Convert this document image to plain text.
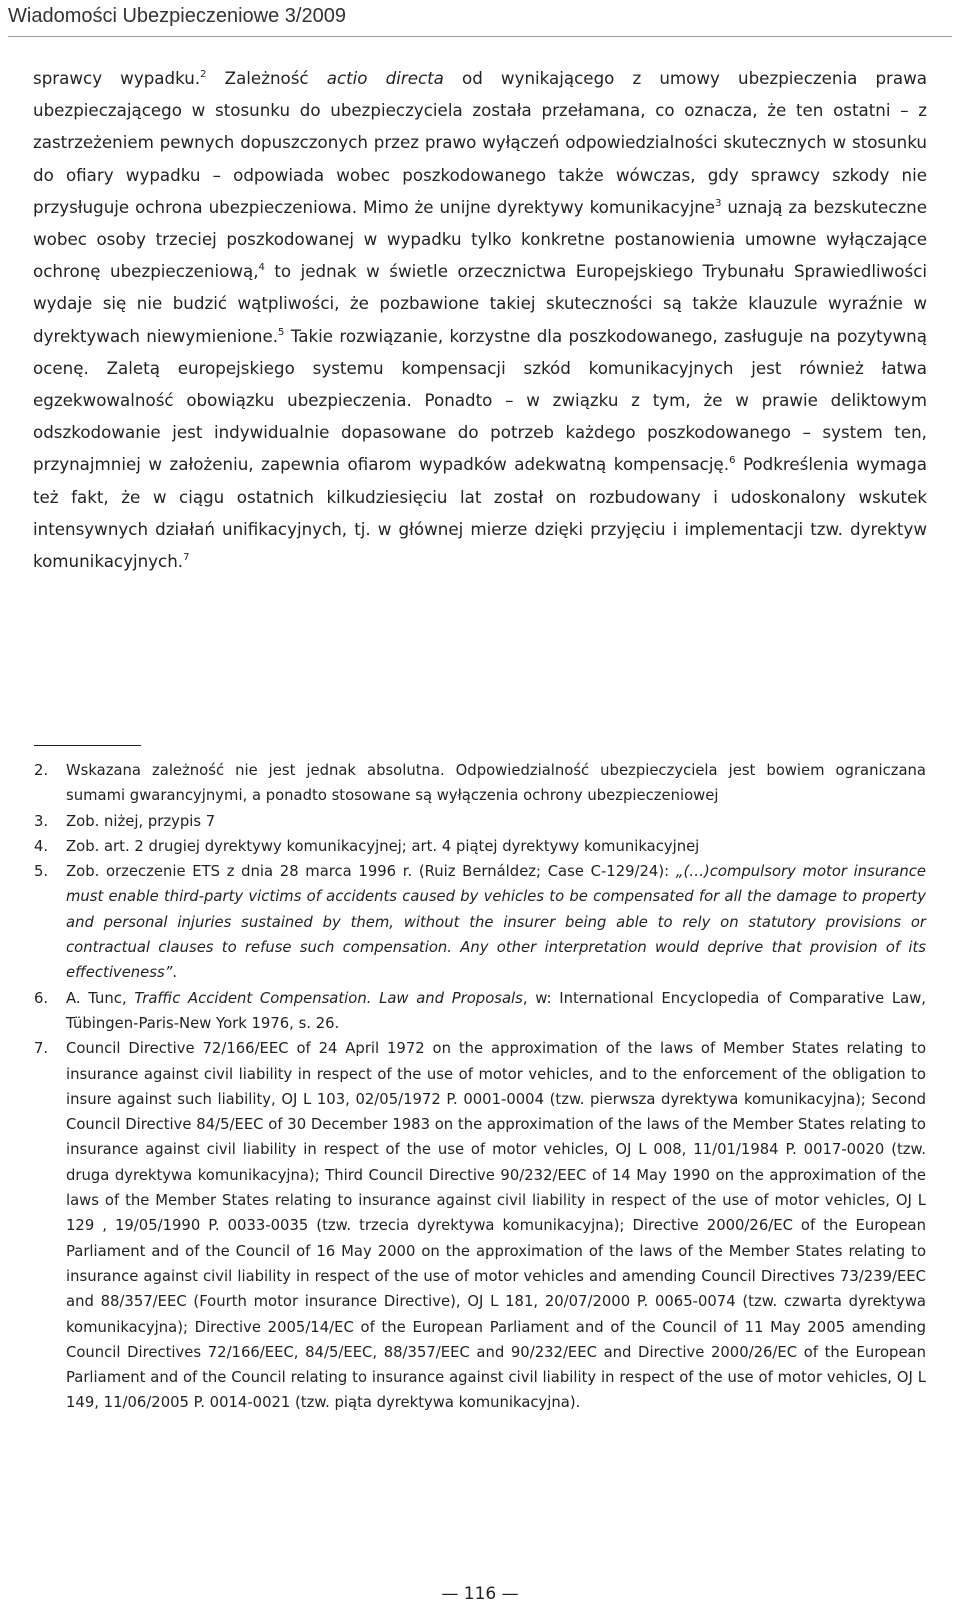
Wiadomości Ubezpieczeniowe 3/2009

sprawcy wypadku.$^2$ Zależność actio directa od wynikającego z umowy ubezpieczenia prawa ubezpieczającego w stosunku do ubezpieczyciela została przełamana, co oznacza, że ten ostatni – z zastrzeżeniem pewnych dopuszczonych przez prawo wyłączeń odpowiedzialności skutecznych w stosunku do ofiary wypadku – odpowiada wobec poszkodowanego także wówczas, gdy sprawcy szkody nie przysługuje ochrona ubezpieczeniowa. Mimo że unijne dyrektywy komunikacyjne$^3$ uznają za bezskuteczne wobec osoby trzeciej poszkodowanej w wypadku tylko konkretne postanowienia umowne wyłączające ochronę ubezpieczeniową,$^4$ to jednak w świetle orzecznictwa Europejskiego Trybunału Sprawiedliwości wydaje się nie budzić wątpliwości, że pozbawione takiej skuteczności są także klauzule wyraźnie w dyrektywach niewymienione.$^5$ Takie rozwiązanie, korzystne dla poszkodowanego, zasługuje na pozytywną ocenę. Zaletą europejskiego systemu kompensacji szkód komunikacyjnych jest również łatwa egzekwowalność obowiązku ubezpieczenia. Ponadto – w związku z tym, że w prawie deliktowym odszkodowanie jest indywidualnie dopasowane do potrzeb każdego poszkodowanego – system ten, przynajmniej w założeniu, zapewnia ofiarom wypadków adekwatną kompensację.$^6$ Podkreślenia wymaga też fakt, że w ciągu ostatnich kilkudziesięciu lat został on rozbudowany i udoskonalony wskutek intensywnych działań unifikacyjnych, tj. w głównej mierze dzięki przyjęciu i implementacji tzw. dyrektyw komunikacyjnych.$^7$

2.	Wskazana zależność nie jest jednak absolutna. Odpowiedzialność ubezpieczyciela jest bowiem ograniczana sumami gwarancyjnymi, a ponadto stosowane są wyłączenia ochrony ubezpieczeniowej
3.	Zob. niżej, przypis 7
4.	Zob. art. 2 drugiej dyrektywy komunikacyjnej; art. 4 piątej dyrektywy komunikacyjnej
5.	Zob. orzeczenie ETS z dnia 28 marca 1996 r. (Ruiz Bernáldez; Case C-129/24): „(…)compulsory motor insurance must enable third-party victims of accidents caused by vehicles to be compensated for all the damage to property and personal injuries sustained by them, without the insurer being able to rely on statutory provisions or contractual clauses to refuse such compensation. Any other interpretation would deprive that provision of its effectiveness”.
6.	A. Tunc, Traffic Accident Compensation. Law and Proposals, w: International Encyclopedia of Comparative Law, Tübingen-Paris-New York 1976, s. 26.
7.	Council Directive 72/166/EEC of 24 April 1972 on the approximation of the laws of Member States relating to insurance against civil liability in respect of the use of motor vehicles, and to the enforcement of the obligation to insure against such liability, OJ L 103, 02/05/1972 P. 0001-0004 (tzw. pierwsza dyrektywa komunikacyjna); Second Council Directive 84/5/EEC of 30 December 1983 on the approximation of the laws of the Member States relating to insurance against civil liability in respect of the use of motor vehicles, OJ L 008, 11/01/1984 P. 0017-0020 (tzw. druga dyrektywa komunikacyjna); Third Council Directive 90/232/EEC of 14 May 1990 on the approximation of the laws of the Member States relating to insurance against civil liability in respect of the use of motor vehicles, OJ L 129 , 19/05/1990 P. 0033-0035 (tzw. trzecia dyrektywa komunikacyjna); Directive 2000/26/EC of the European Parliament and of the Council of 16 May 2000 on the approximation of the laws of the Member States relating to insurance against civil liability in respect of the use of motor vehicles and amending Council Directives 73/239/EEC and 88/357/EEC (Fourth motor insurance Directive), OJ L 181, 20/07/2000 P. 0065-0074 (tzw. czwarta dyrektywa komunikacyjna); Directive 2005/14/EC of the European Parliament and of the Council of 11 May 2005 amending Council Directives 72/166/EEC, 84/5/EEC, 88/357/EEC and 90/232/EEC and Directive 2000/26/EC of the European Parliament and of the Council relating to insurance against civil liability in respect of the use of motor vehicles, OJ L 149, 11/06/2005 P. 0014-0021 (tzw. piąta dyrektywa komunikacyjna).
— 116 —
